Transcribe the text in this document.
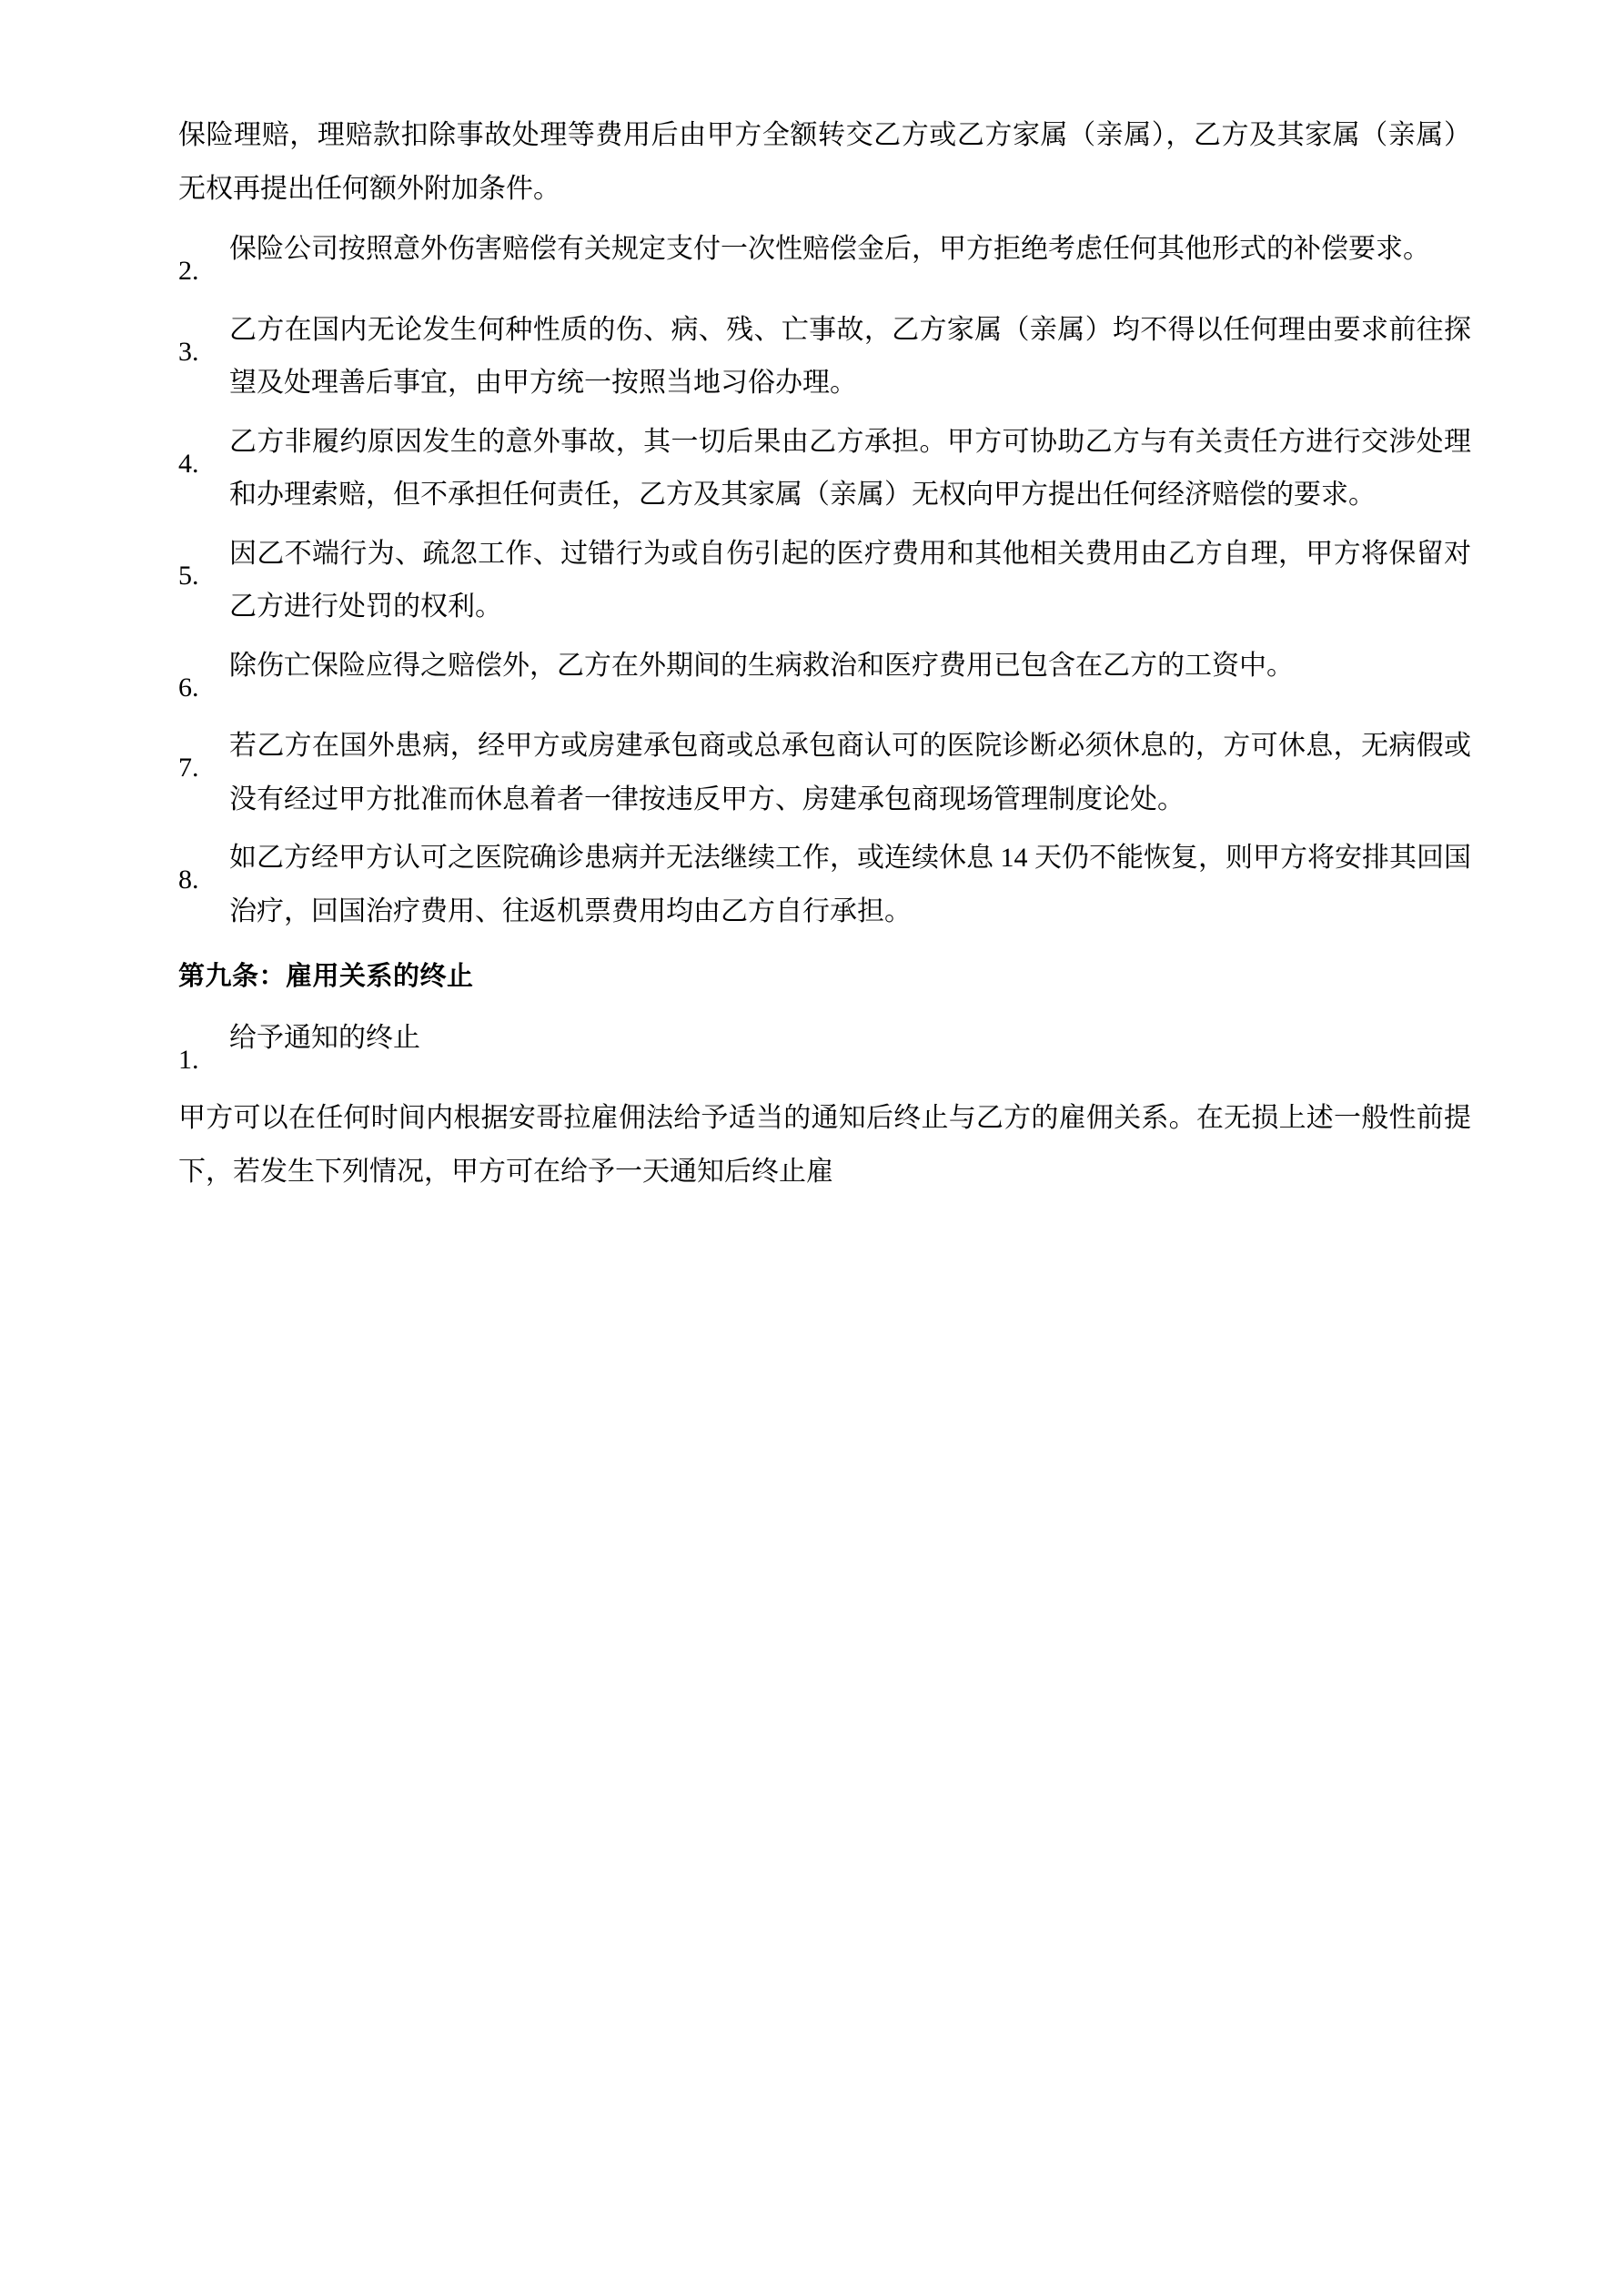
保险理赔，理赔款扣除事故处理等费用后由甲方全额转交乙方或乙方家属（亲属），乙方及其家属（亲属）无权再提出任何额外附加条件。

2.
保险公司按照意外伤害赔偿有关规定支付一次性赔偿金后，甲方拒绝考虑任何其他形式的补偿要求。
3.
乙方在国内无论发生何种性质的伤、病、残、亡事故，乙方家属（亲属）均不得以任何理由要求前往探望及处理善后事宜，由甲方统一按照当地习俗办理。
4.
乙方非履约原因发生的意外事故，其一切后果由乙方承担。甲方可协助乙方与有关责任方进行交涉处理和办理索赔，但不承担任何责任，乙方及其家属（亲属）无权向甲方提出任何经济赔偿的要求。
5.
因乙不端行为、疏忽工作、过错行为或自伤引起的医疗费用和其他相关费用由乙方自理，甲方将保留对乙方进行处罚的权利。
6.
除伤亡保险应得之赔偿外，乙方在外期间的生病救治和医疗费用已包含在乙方的工资中。
7.
若乙方在国外患病，经甲方或房建承包商或总承包商认可的医院诊断必须休息的，方可休息，无病假或没有经过甲方批准而休息着者一律按违反甲方、房建承包商现场管理制度论处。
8.
如乙方经甲方认可之医院确诊患病并无法继续工作，或连续休息 14 天仍不能恢复，则甲方将安排其回国治疗，回国治疗费用、往返机票费用均由乙方自行承担。

第九条：雇用关系的终止

1.
给予通知的终止

甲方可以在任何时间内根据安哥拉雇佣法给予适当的通知后终止与乙方的雇佣关系。在无损上述一般性前提下，若发生下列情况，甲方可在给予一天通知后终止雇
